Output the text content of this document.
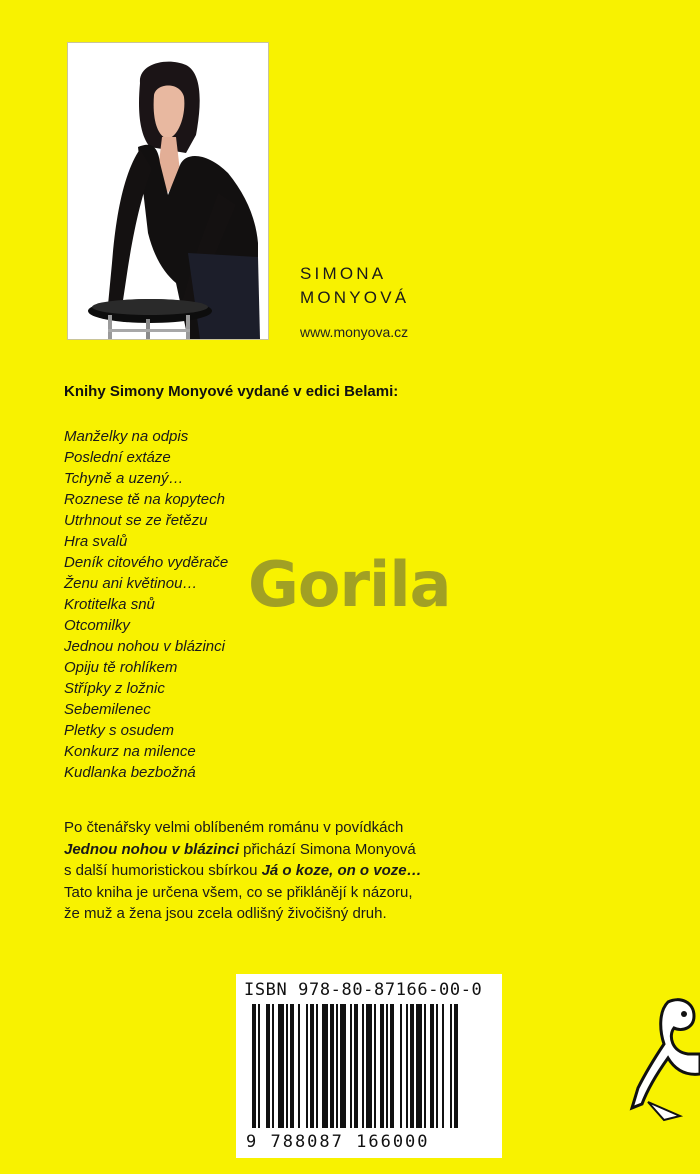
SIMONA
MONYOVÁ
www.monyova.cz
Knihy Simony Monyové vydané v edici Belami:
Manželky na odpis
Poslední extáze
Tchyně a uzený…
Roznese tě na kopytech
Utrhnout se ze řetězu
Hra svalů
Deník citového vyděrače
Ženu ani květinou…
Krotitelka snů
Otcomilky
Jednou nohou v blázinci
Opiju tě rohlíkem
Střípky z ložnic
Sebemilenec
Pletky s osudem
Konkurz na milence
Kudlanka bezbožná
Gorila
Po čtenářsky velmi oblíbeném románu v povídkách
Jednou nohou v blázinci přichází Simona Monyová
s další humoristickou sbírkou Já o koze, on o voze…
Tato kniha je určena všem, co se přiklánějí k názoru,
že muž a žena jsou zcela odlišný živočišný druh.
ISBN 978-80-87166-00-0
9 788087 166000
